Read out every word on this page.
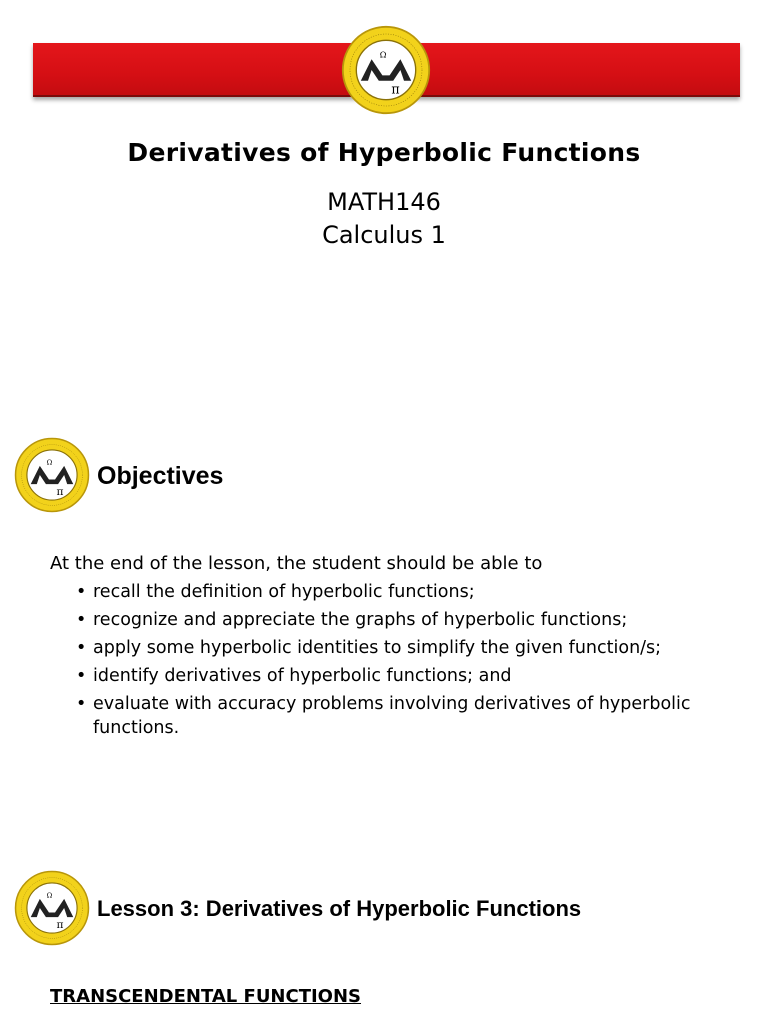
Ω
π
Derivatives of Hyperbolic Functions
MATH146
Calculus 1
Ω
π
Objectives
At the end of the lesson, the student should be able to
• recall the definition of hyperbolic functions;
• recognize and appreciate the graphs of hyperbolic functions;
• apply some hyperbolic identities to simplify the given function/s;
• identify derivatives of hyperbolic functions; and
• evaluate with accuracy problems involving derivatives of hyperbolic functions.
Ω
π
Lesson 3: Derivatives of Hyperbolic Functions
TRANSCENDENTAL FUNCTIONS
